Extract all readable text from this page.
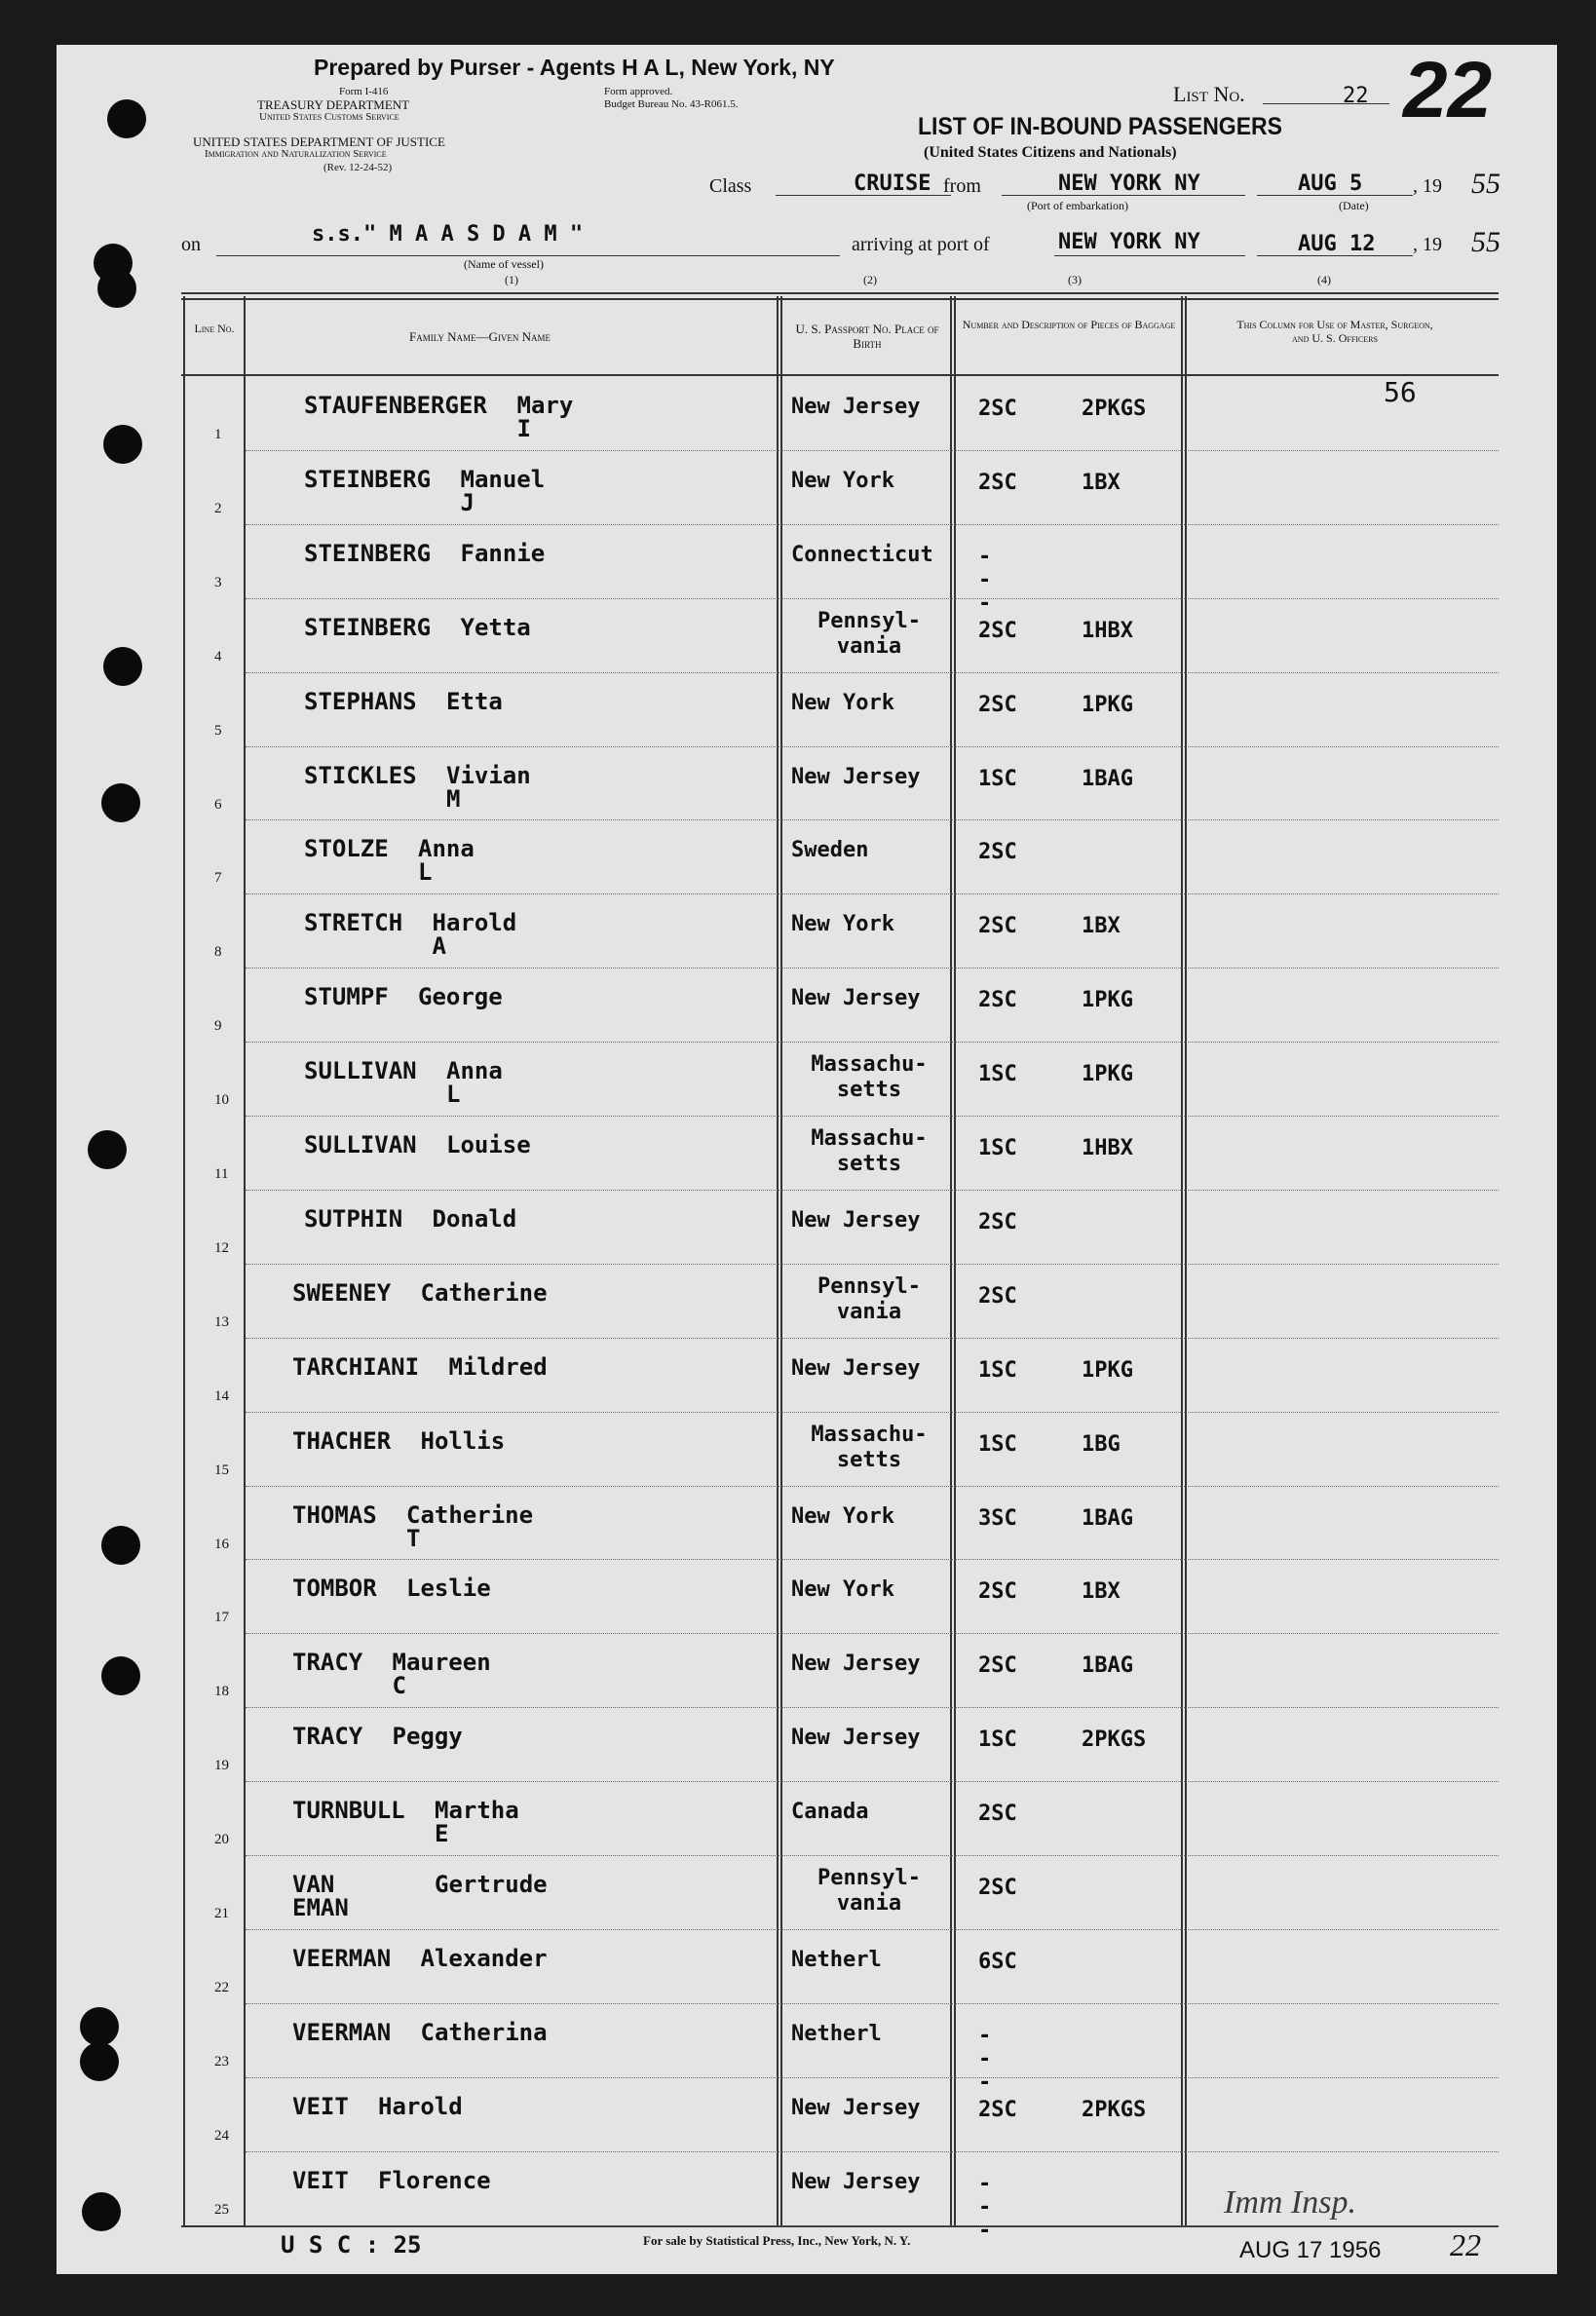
Prepared by Purser - Agents H A L, New York, NY
Form I-416
TREASURY DEPARTMENT
United States Customs Service
Form approved.
Budget Bureau No. 43-R061.5.
UNITED STATES DEPARTMENT OF JUSTICE
Immigration and Naturalization Service
(Rev. 12-24-52)
List No.	22 22
LIST OF IN-BOUND PASSENGERS
(United States Citizens and Nationals)
Class	CRUISE from	NEW YORK NY
(Port of embarkation)
AUG 5
(Date)
, 19 55
on	s.s." M A A S D A M "
(Name of vessel)
(1)
arriving at port of	NEW YORK NY	AUG 12 , 19 55
(2)	(3)	(4)
Line No.
Family Name—Given Name
U. S. Passport No. Place of Birth
Number and Description of Pieces of Baggage	This Column for Use of Master, Surgeon, and U. S. Officers
56
1
STAUFENBERGER Mary I
New Jersey	2SC	2PKGS
2
STEINBERG Manuel J
New York	2SC	1BX
3
STEINBERG Fannie	Connecticut	---
4
STEINBERG Yetta	Pennsyl-
vania
2SC	1HBX
5
STEPHANS Etta	New York	2SC	1PKG
6
STICKLES Vivian M
New Jersey	1SC	1BAG
7
STOLZE Anna L
Sweden	2SC
8
STRETCH Harold A
New York	2SC	1BX
9
STUMPF George	New Jersey	2SC	1PKG
10
SULLIVAN Anna L
Massachu-
setts
1SC	1PKG
11
SULLIVAN Louise	Massachu-
setts
1SC	1HBX
12
SUTPHIN Donald	New Jersey	2SC
13
SWEENEY Catherine	Pennsyl-
vania
2SC
14
TARCHIANI Mildred	New Jersey	1SC	1PKG
15
THACHER Hollis	Massachu-
setts
1SC	1BG
16
THOMAS Catherine T
New York	3SC	1BAG
17
TOMBOR Leslie	New York	2SC	1BX
18
TRACY Maureen C
New Jersey	2SC	1BAG
19
TRACY Peggy	New Jersey	1SC	2PKGS
20
TURNBULL Martha E
Canada	2SC
21
VAN EMAN
Gertrude	Pennsyl-
vania
2SC
22
VEERMAN Alexander	Netherl	6SC
23
VEERMAN Catherina	Netherl	---
24
VEIT Harold	New Jersey	2SC	2PKGS
25
VEIT Florence	New Jersey	---
U S C : 25	For sale by Statistical Press, Inc., New York, N. Y.	AUG 17 1956 22
Imm Insp.
